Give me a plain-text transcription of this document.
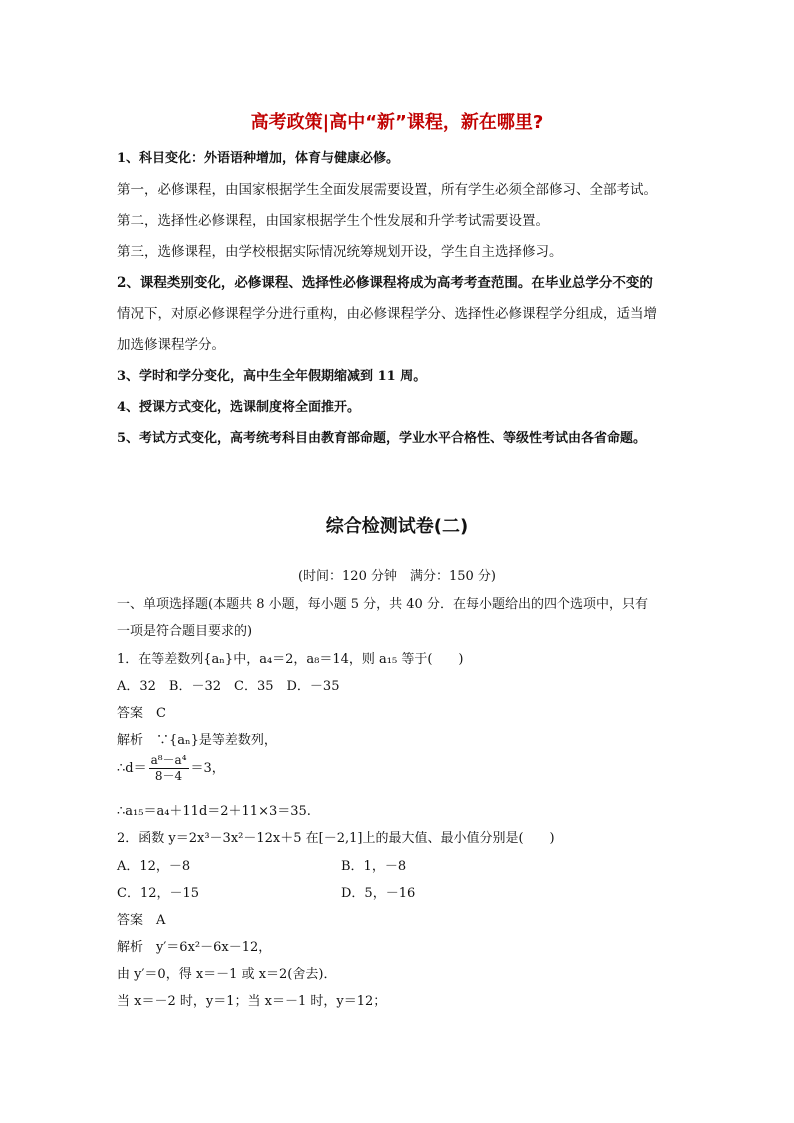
高考政策|高中“新”课程，新在哪里?
1、科目变化：外语语种增加，体育与健康必修。
第一，必修课程，由国家根据学生全面发展需要设置，所有学生必须全部修习、全部考试。
第二，选择性必修课程，由国家根据学生个性发展和升学考试需要设置。
第三，选修课程，由学校根据实际情况统筹规划开设，学生自主选择修习。
2、课程类别变化，必修课程、选择性必修课程将成为高考考查范围。在毕业总学分不变的
情况下，对原必修课程学分进行重构，由必修课程学分、选择性必修课程学分组成，适当增
加选修课程学分。
3、学时和学分变化，高中生全年假期缩减到 11 周。
4、授课方式变化，选课制度将全面推开。
5、考试方式变化，高考统考科目由教育部命题，学业水平合格性、等级性考试由各省命题。
综合检测试卷(二)
(时间：120 分钟　满分：150 分)
一、单项选择题(本题共 8 小题，每小题 5 分，共 40 分．在每小题给出的四个选项中，只有
一项是符合题目要求的)
1．在等差数列{aₙ}中，a₄＝2，a₈＝14，则 a₁₅ 等于(　　)
A．32　B．－32　C．35　D．－35
答案　C
解析　∵{aₙ}是等差数列，
∴d＝ $\frac{\text{a⁸－a⁴}}{8-4} =3$，
∴a₁₅＝a₄＋11d＝2＋11×3＝35.
2．函数 y＝2x³－3x²－12x＋5 在[－2,1]上的最大值、最小值分别是(　　)
A．12，－8	B．1，－8
C．12，－15	D．5，－16
答案　A
解析　y′＝6x²－6x－12，
由 y′＝0，得 x＝－1 或 x＝2(舍去)．
当 x＝－2 时，y＝1；当 x＝－1 时，y＝12；
